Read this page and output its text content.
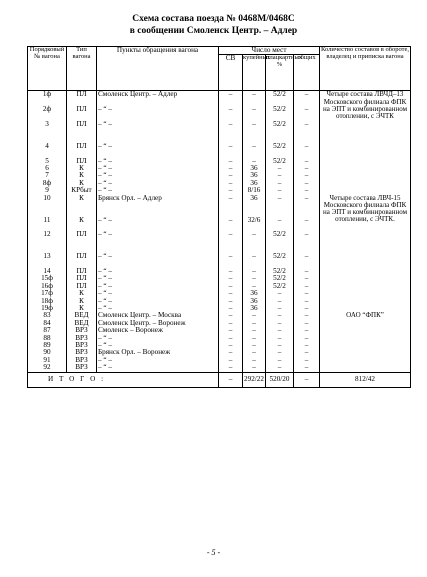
Схема состава поезда № 0468М/0468С
в сообщении Смоленск Центр. – Адлер
Порядковый № вагона	Тип вагона	Пункты обращения вагона	Число мест				Количество составов в обороте, владелец и приписка вагона
			СВ	купейных	плацкартных %	общих	
1ф	ПЛ	Смоленск Центр. – Адлер	–	–	52/2	–	Четыре состава ЛВЧД–13 Московского филиала ФПК на ЭПТ и комбинированном отоплении, с ЭЧТК

2ф	ПЛ	– “ –	–	–	52/2	–	

3	ПЛ	– “ –	–	–	52/2	–	

4	ПЛ	– “ –	–	–	52/2	–	

5	ПЛ	– “ –	–	–	52/2	–	
6	К	– “ –	–	36	–	–	
7	К	– “ –	–	36	–	–	
8ф	К	– “ –	–	36	–	–	
9	КРбыт	– “ –	–	8/16	–	–	
10	К	Брянск Орл. – Адлер	–	36	–	–	Четыре состава ЛВЧ-15 Московского филиала ФПК на ЭПТ и комбинированном отоплении, с ЭЧТК.

11	К	– “ –	–	32/6	–	–	

12	ПЛ	– “ –	–	–	52/2	–	

13	ПЛ	– “ –	–	–	52/2	–	

14	ПЛ	– “ –	–	–	52/2	–	
15ф	ПЛ	– “ –	–	–	52/2	–	
16ф	ПЛ	– “ –	–	–	52/2	–	
17ф	К	– “ –	–	36	–	–	
18ф	К	– “ –	–	36	–	–	
19ф	К	– “ –	–	36	–	–	
83	ВЕД	Смоленск Центр. – Москва	–	–	–	–	ОАО “ФПК”
84	ВЕД	Смоленск Центр. – Воронеж	–	–	–	–	
87	ВРЗ	Смоленск – Воронеж	–	–	–	–	
88	ВРЗ	– “ –	–	–	–	–	
89	ВРЗ	– “ –	–	–	–	–	
90	ВРЗ	Брянск Орл. – Воронеж	–	–	–	–	
91	ВРЗ	– “ –	–	–	–	–	
92	ВРЗ	– “ –	–	–	–	–	
И Т О Г О :			–	292/22	520/20	–	812/42
- 5 -
